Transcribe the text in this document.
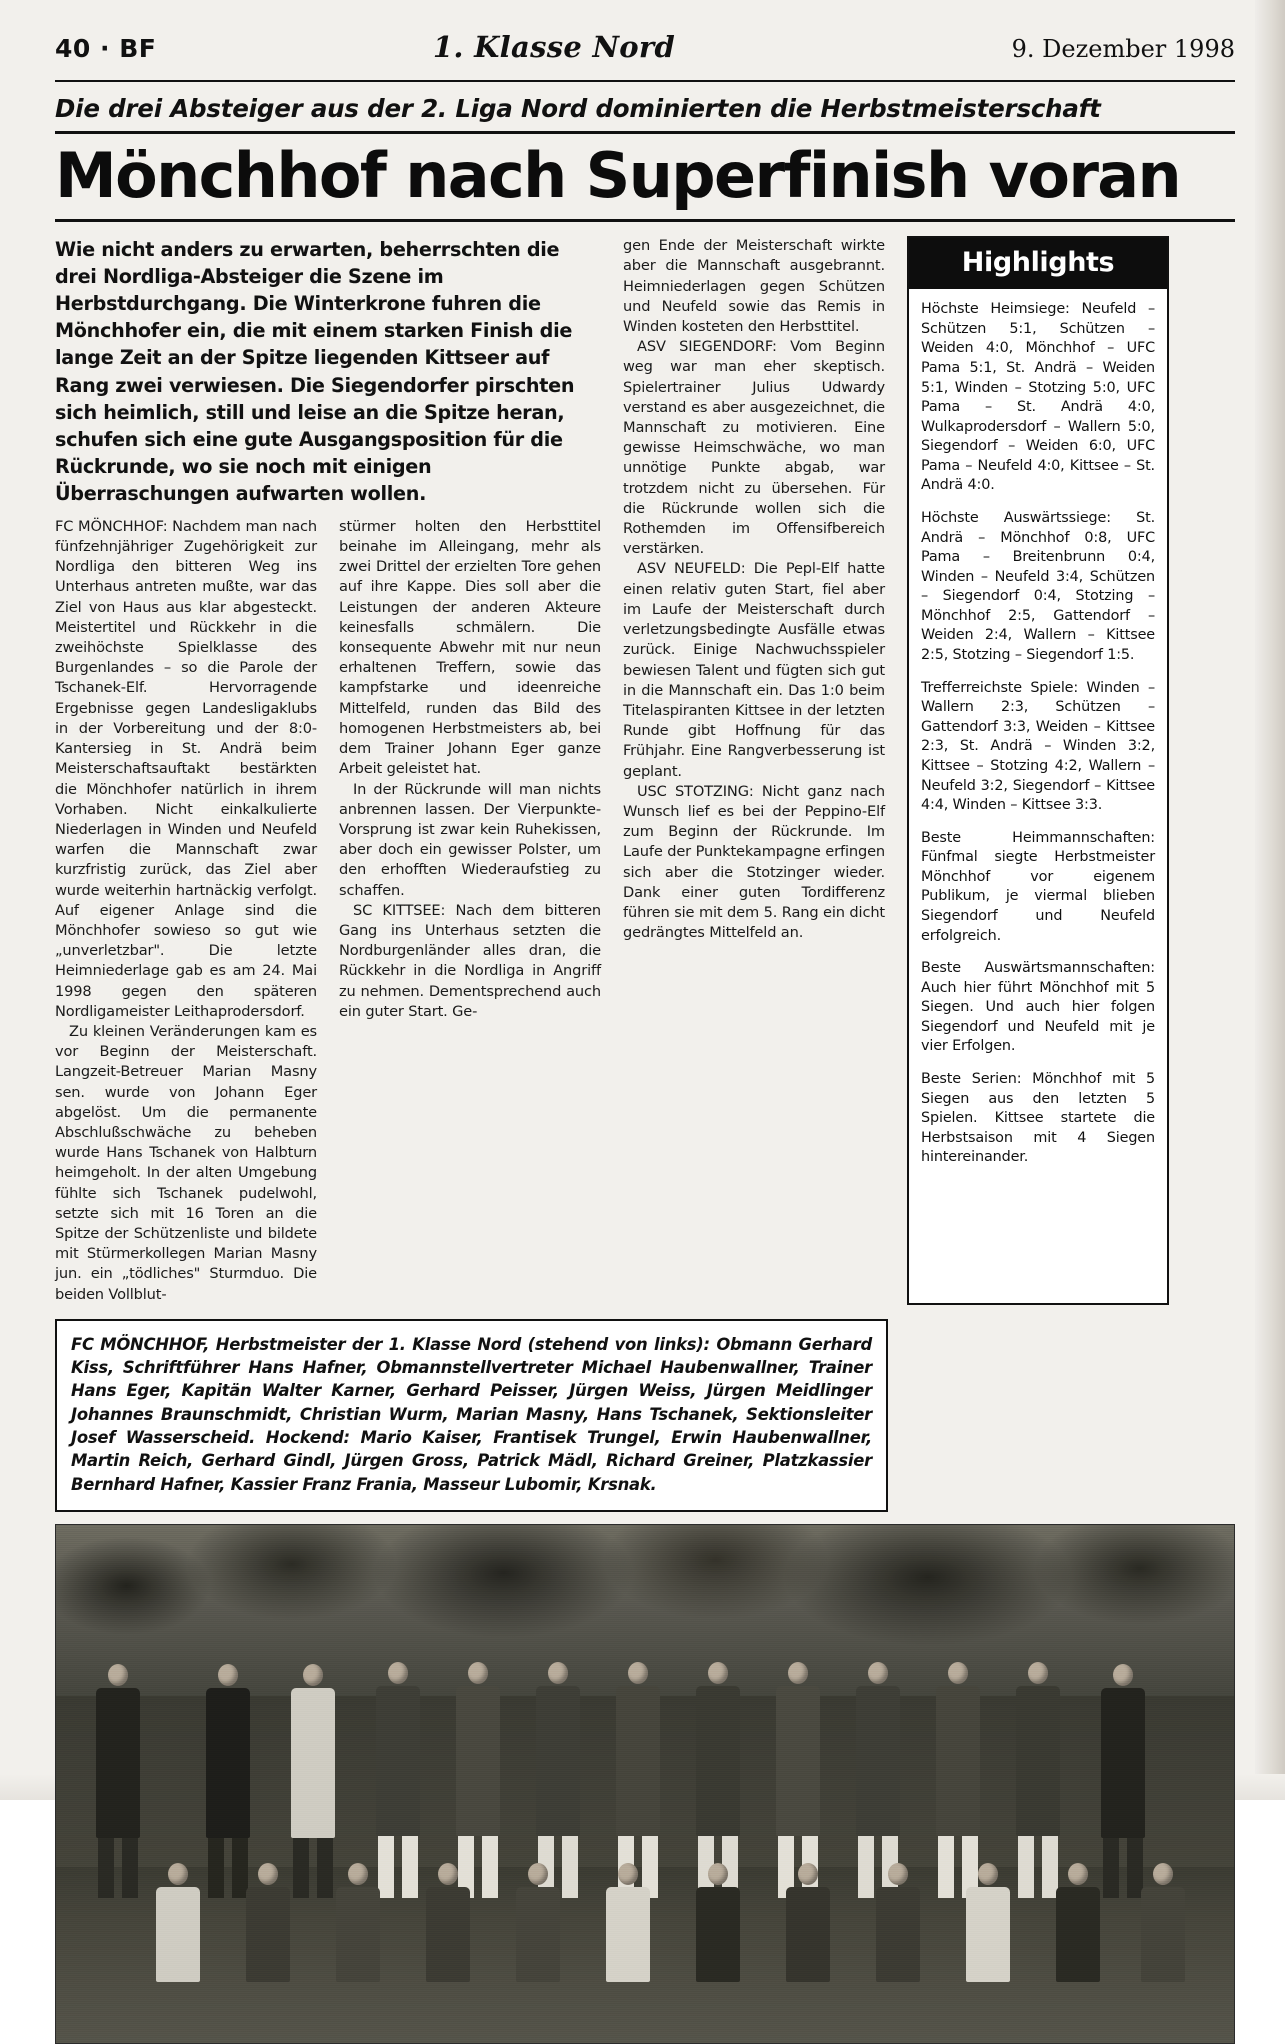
40 · BF	1. Klasse Nord	9. Dezember 1998
Die drei Absteiger aus der 2. Liga Nord dominierten die Herbstmeisterschaft
Mönchhof nach Superfinish voran
Wie nicht anders zu erwarten, beherrschten die drei Nordliga-Absteiger die Szene im Herbstdurchgang. Die Winterkrone fuhren die Mönchhofer ein, die mit einem starken Finish die lange Zeit an der Spitze liegenden Kittseer auf Rang zwei verwiesen. Die Siegendorfer pirschten sich heimlich, still und leise an die Spitze heran, schufen sich eine gute Ausgangsposition für die Rückrunde, wo sie noch mit einigen Überraschungen aufwarten wollen.

FC MÖNCHHOF: Nachdem man nach fünfzehnjähriger Zugehörigkeit zur Nordliga den bitteren Weg ins Unterhaus antreten mußte, war das Ziel von Haus aus klar abgesteckt. Meistertitel und Rückkehr in die zweihöchste Spielklasse des Burgenlandes – so die Parole der Tschanek-Elf. Hervorragende Ergebnisse gegen Landesligaklubs in der Vorbereitung und der 8:0-Kantersieg in St. Andrä beim Meisterschaftsauftakt bestärkten die Mönchhofer natürlich in ihrem Vorhaben. Nicht einkalkulierte Niederlagen in Winden und Neufeld warfen die Mannschaft zwar kurzfristig zurück, das Ziel aber wurde weiterhin hartnäckig verfolgt. Auf eigener Anlage sind die Mönchhofer sowieso so gut wie „unverletzbar". Die letzte Heimniederlage gab es am 24. Mai 1998 gegen den späteren Nordligameister Leithaprodersdorf.

Zu kleinen Veränderungen kam es vor Beginn der Meisterschaft. Langzeit-Betreuer Marian Masny sen. wurde von Johann Eger abgelöst. Um die permanente Abschlußschwäche zu beheben wurde Hans Tschanek von Halbturn heimgeholt. In der alten Umgebung fühlte sich Tschanek pudelwohl, setzte sich mit 16 Toren an die Spitze der Schützenliste und bildete mit Stürmerkollegen Marian Masny jun. ein „tödliches" Sturmduo. Die beiden Vollblut-

stürmer holten den Herbsttitel beinahe im Alleingang, mehr als zwei Drittel der erzielten Tore gehen auf ihre Kappe. Dies soll aber die Leistungen der anderen Akteure keinesfalls schmälern. Die konsequente Abwehr mit nur neun erhaltenen Treffern, sowie das kampfstarke und ideenreiche Mittelfeld, runden das Bild des homogenen Herbstmeisters ab, bei dem Trainer Johann Eger ganze Arbeit geleistet hat.

In der Rückrunde will man nichts anbrennen lassen. Der Vierpunkte-Vorsprung ist zwar kein Ruhekissen, aber doch ein gewisser Polster, um den erhofften Wiederaufstieg zu schaffen.

SC KITTSEE: Nach dem bitteren Gang ins Unterhaus setzten die Nordburgenländer alles dran, die Rückkehr in die Nordliga in Angriff zu nehmen. Dementsprechend auch ein guter Start. Ge-

gen Ende der Meisterschaft wirkte aber die Mannschaft ausgebrannt. Heimniederlagen gegen Schützen und Neufeld sowie das Remis in Winden kosteten den Herbsttitel.

ASV SIEGENDORF: Vom Beginn weg war man eher skeptisch. Spielertrainer Julius Udwardy verstand es aber ausgezeichnet, die Mannschaft zu motivieren. Eine gewisse Heimschwäche, wo man unnötige Punkte abgab, war trotzdem nicht zu übersehen. Für die Rückrunde wollen sich die Rothemden im Offensifbereich verstärken.

ASV NEUFELD: Die Pepl-Elf hatte einen relativ guten Start, fiel aber im Laufe der Meisterschaft durch verletzungsbedingte Ausfälle etwas zurück. Einige Nachwuchsspieler bewiesen Talent und fügten sich gut in die Mannschaft ein. Das 1:0 beim Titelaspiranten Kittsee in der letzten Runde gibt Hoffnung für das Frühjahr. Eine Rangverbesserung ist geplant.

USC STOTZING: Nicht ganz nach Wunsch lief es bei der Peppino-Elf zum Beginn der Rückrunde. Im Laufe der Punktekampagne erfingen sich aber die Stotzinger wieder. Dank einer guten Tordifferenz führen sie mit dem 5. Rang ein dicht gedrängtes Mittelfeld an.

Highlights

Höchste Heimsiege: Neufeld – Schützen 5:1, Schützen – Weiden 4:0, Mönchhof – UFC Pama 5:1, St. Andrä – Weiden 5:1, Winden – Stotzing 5:0, UFC Pama – St. Andrä 4:0, Wulkaprodersdorf – Wallern 5:0, Siegendorf – Weiden 6:0, UFC Pama – Neufeld 4:0, Kittsee – St. Andrä 4:0.

Höchste Auswärtssiege: St. Andrä – Mönchhof 0:8, UFC Pama – Breitenbrunn 0:4, Winden – Neufeld 3:4, Schützen – Siegendorf 0:4, Stotzing – Mönchhof 2:5, Gattendorf – Weiden 2:4, Wallern – Kittsee 2:5, Stotzing – Siegendorf 1:5.

Trefferreichste Spiele: Winden – Wallern 2:3, Schützen – Gattendorf 3:3, Weiden – Kittsee 2:3, St. Andrä – Winden 3:2, Kittsee – Stotzing 4:2, Wallern – Neufeld 3:2, Siegendorf – Kittsee 4:4, Winden – Kittsee 3:3.

Beste Heimmannschaften: Fünfmal siegte Herbstmeister Mönchhof vor eigenem Publikum, je viermal blieben Siegendorf und Neufeld erfolgreich.

Beste Auswärtsmannschaften: Auch hier führt Mönchhof mit 5 Siegen. Und auch hier folgen Siegendorf und Neufeld mit je vier Erfolgen.

Beste Serien: Mönchhof mit 5 Siegen aus den letzten 5 Spielen. Kittsee startete die Herbstsaison mit 4 Siegen hintereinander.

FC MÖNCHHOF, Herbstmeister der 1. Klasse Nord (stehend von links): Obmann Gerhard Kiss, Schriftführer Hans Hafner, Obmannstellvertreter Michael Haubenwallner, Trainer Hans Eger, Kapitän Walter Karner, Gerhard Peisser, Jürgen Weiss, Jürgen Meidlinger Johannes Braunschmidt, Christian Wurm, Marian Masny, Hans Tschanek, Sektionsleiter Josef Wasserscheid. Hockend: Mario Kaiser, Frantisek Trungel, Erwin Haubenwallner, Martin Reich, Gerhard Gindl, Jürgen Gross, Patrick Mädl, Richard Greiner, Platzkassier Bernhard Hafner, Kassier Franz Frania, Masseur Lubomir, Krsnak.
